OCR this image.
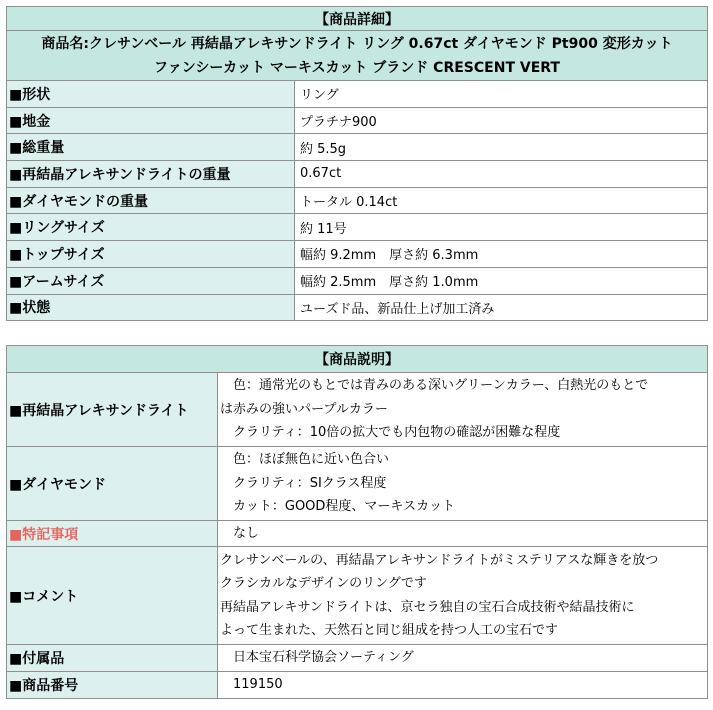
【商品詳細】	

商品名:クレサンベール 再結晶アレキサンドライト リング 0.67ct ダイヤモンド Pt900 変形カット
ファンシーカット マーキスカット ブランド CRESCENT VERT	

■形状	リング
■地金	プラチナ900
■総重量	約 5.5g
■再結晶アレキサンドライトの重量	0.67ct
■ダイヤモンドの重量	トータル 0.14ct
■リングサイズ	約 11号
■トップサイズ	幅約 9.2mm　厚さ約 6.3mm
■アームサイズ	幅約 2.5mm　厚さ約 1.0mm
■状態	ユーズド品、新品仕上げ加工済み
【商品説明】	
■再結晶アレキサンドライト	　色：通常光のもとでは青みのある深いグリーンカラー、白熱光のもとで
は赤みの強いパープルカラー
　クラリティ：10倍の拡大でも内包物の確認が困難な程度

■ダイヤモンド	　色：ほぼ無色に近い色合い
　クラリティ：SIクラス程度
　カット：GOOD程度、マーキスカット

■特記事項	　なし
■コメント	クレサンベールの、再結晶アレキサンドライトがミステリアスな輝きを放つ
クラシカルなデザインのリングです
再結晶アレキサンドライトは、京セラ独自の宝石合成技術や結晶技術に
よって生まれた、天然石と同じ組成を持つ人工の宝石です

■付属品	　日本宝石科学協会ソーティング
■商品番号	　119150
